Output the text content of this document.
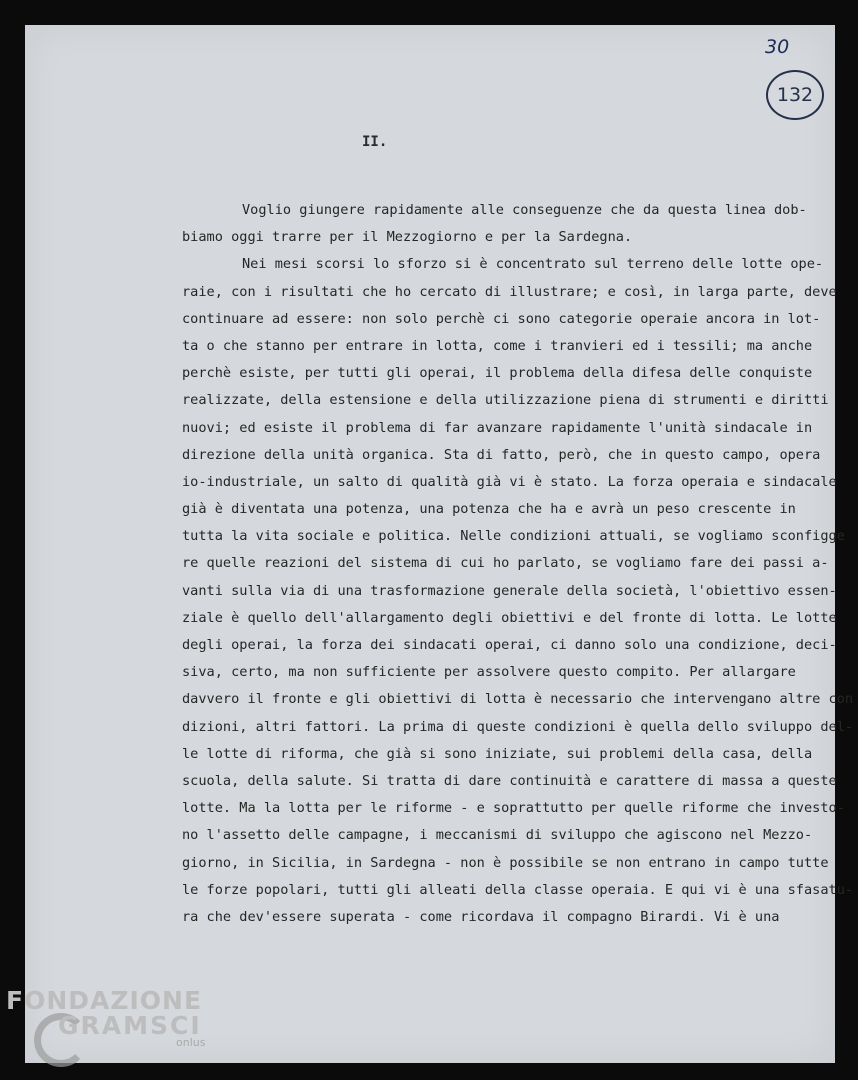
30
132
II.
Voglio giungere rapidamente alle conseguenze che da questa linea dob-
biamo oggi trarre per il Mezzogiorno e per la Sardegna.
Nei mesi scorsi lo sforzo si è concentrato sul terreno delle lotte ope-
raie, con i risultati che ho cercato di illustrare; e così, in larga parte, deve
continuare ad essere: non solo perchè ci sono categorie operaie ancora in lot-
ta o che stanno per entrare in lotta, come i tranvieri ed i tessili; ma anche
perchè esiste, per tutti gli operai, il problema della difesa delle conquiste
realizzate, della estensione e della utilizzazione piena di strumenti e diritti
nuovi; ed esiste il problema di far avanzare rapidamente l'unità sindacale in
direzione della unità organica. Sta di fatto, però, che in questo campo, opera
io-industriale, un salto di qualità già vi è stato. La forza operaia e sindacale
già è diventata una potenza, una potenza che ha e avrà un peso crescente in
tutta la vita sociale e politica. Nelle condizioni attuali, se vogliamo sconfigge
re quelle reazioni del sistema di cui ho parlato, se vogliamo fare dei passi a-
vanti sulla via di una trasformazione generale della società, l'obiettivo essen-
ziale è quello dell'allargamento degli obiettivi e del fronte di lotta. Le lotte
degli operai, la forza dei sindacati operai, ci danno solo una condizione, deci-
siva, certo, ma non sufficiente per assolvere questo compito. Per allargare
davvero il fronte e gli obiettivi di lotta è necessario che intervengano altre con
dizioni, altri fattori. La prima di queste condizioni è quella dello sviluppo del-
le lotte di riforma, che già si sono iniziate, sui problemi della casa, della
scuola, della salute. Si tratta di dare continuità e carattere di massa a queste
lotte. Ma la lotta per le riforme - e soprattutto per quelle riforme che investo-
no l'assetto delle campagne, i meccanismi di sviluppo che agiscono nel Mezzo-
giorno, in Sicilia, in Sardegna - non è possibile se non entrano in campo tutte
le forze popolari, tutti gli alleati della classe operaia. E qui vi è una sfasatu-
ra che dev'essere superata - come ricordava il compagno Birardi. Vi è una
FONDAZIONE
GRAMSCI
onlus
